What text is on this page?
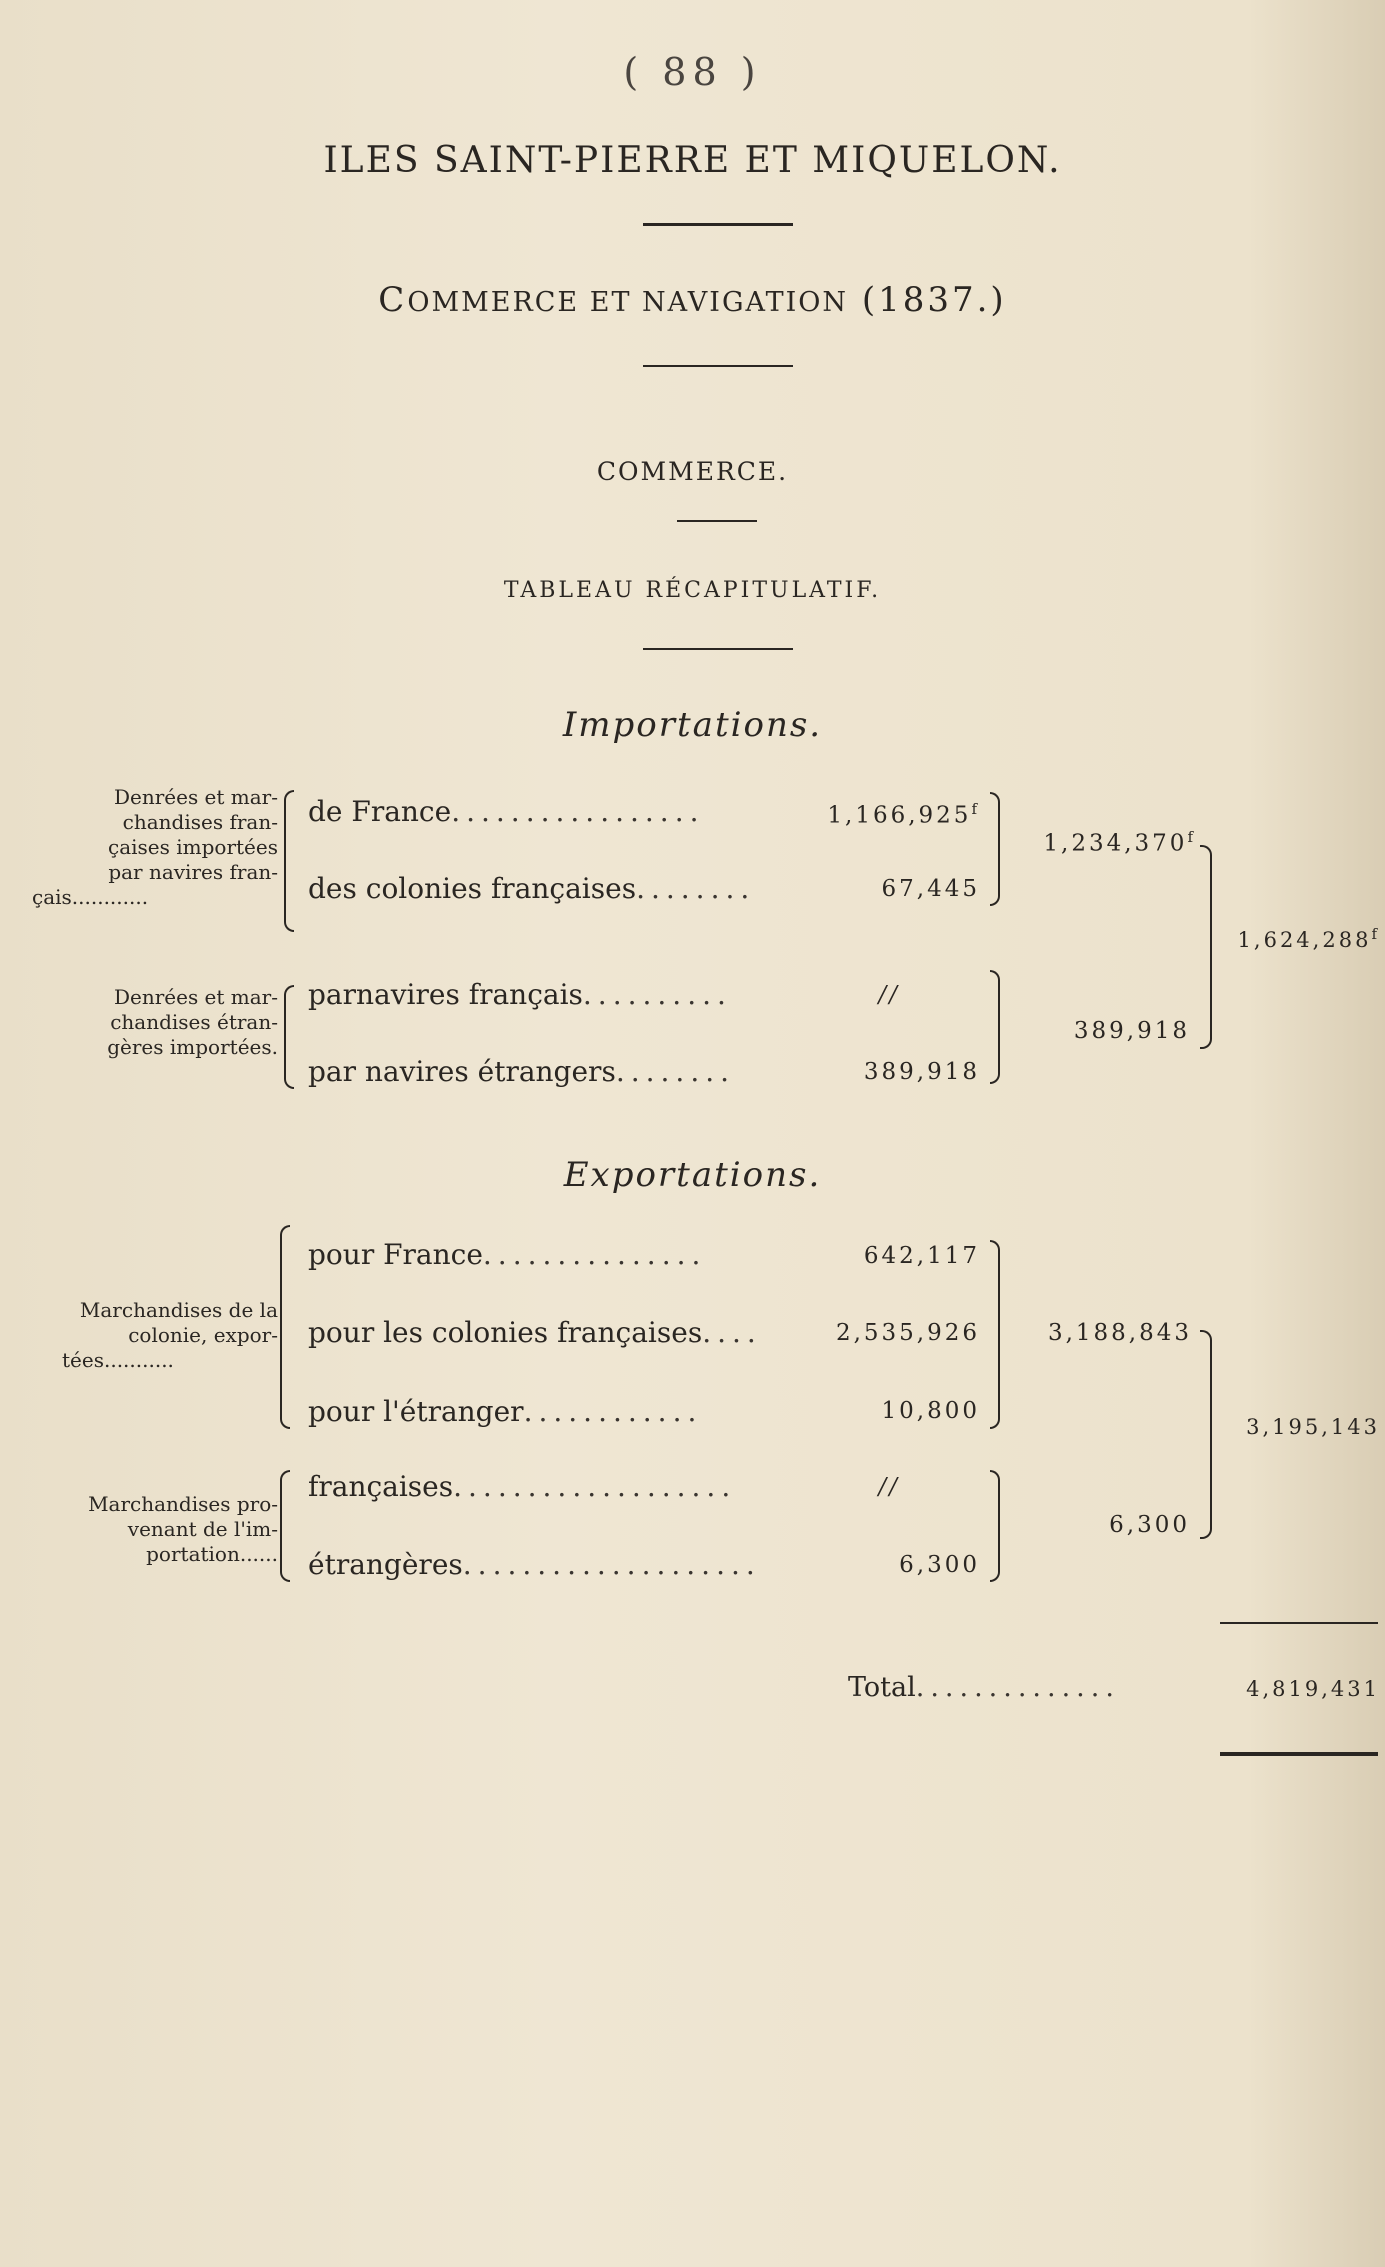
( 88 )
ILES SAINT-PIERRE ET MIQUELON.
COMMERCE ET NAVIGATION (1837.)
COMMERCE.
TABLEAU RÉCAPITULATIF.
Importations.
Denrées et mar-
chandises fran-
çaises importées
par navires fran-
çais............
de France.................	1,166,925$^f$
des colonies françaises........	67,445
1,234,370$^f$
Denrées et mar-
chandises étran-
gères importées.
parnavires français..........	//
par navires étrangers........	389,918
389,918
1,624,288$^f$
Exportations.
Marchandises de la
colonie, expor-
tées...........
pour France...............	642,117
pour les colonies françaises....	2,535,926
pour l'étranger............	10,800
3,188,843
Marchandises pro-
venant de l'im-
portation......
françaises...................	//
étrangères....................	6,300
6,300
3,195,143
Total..............	4,819,431
